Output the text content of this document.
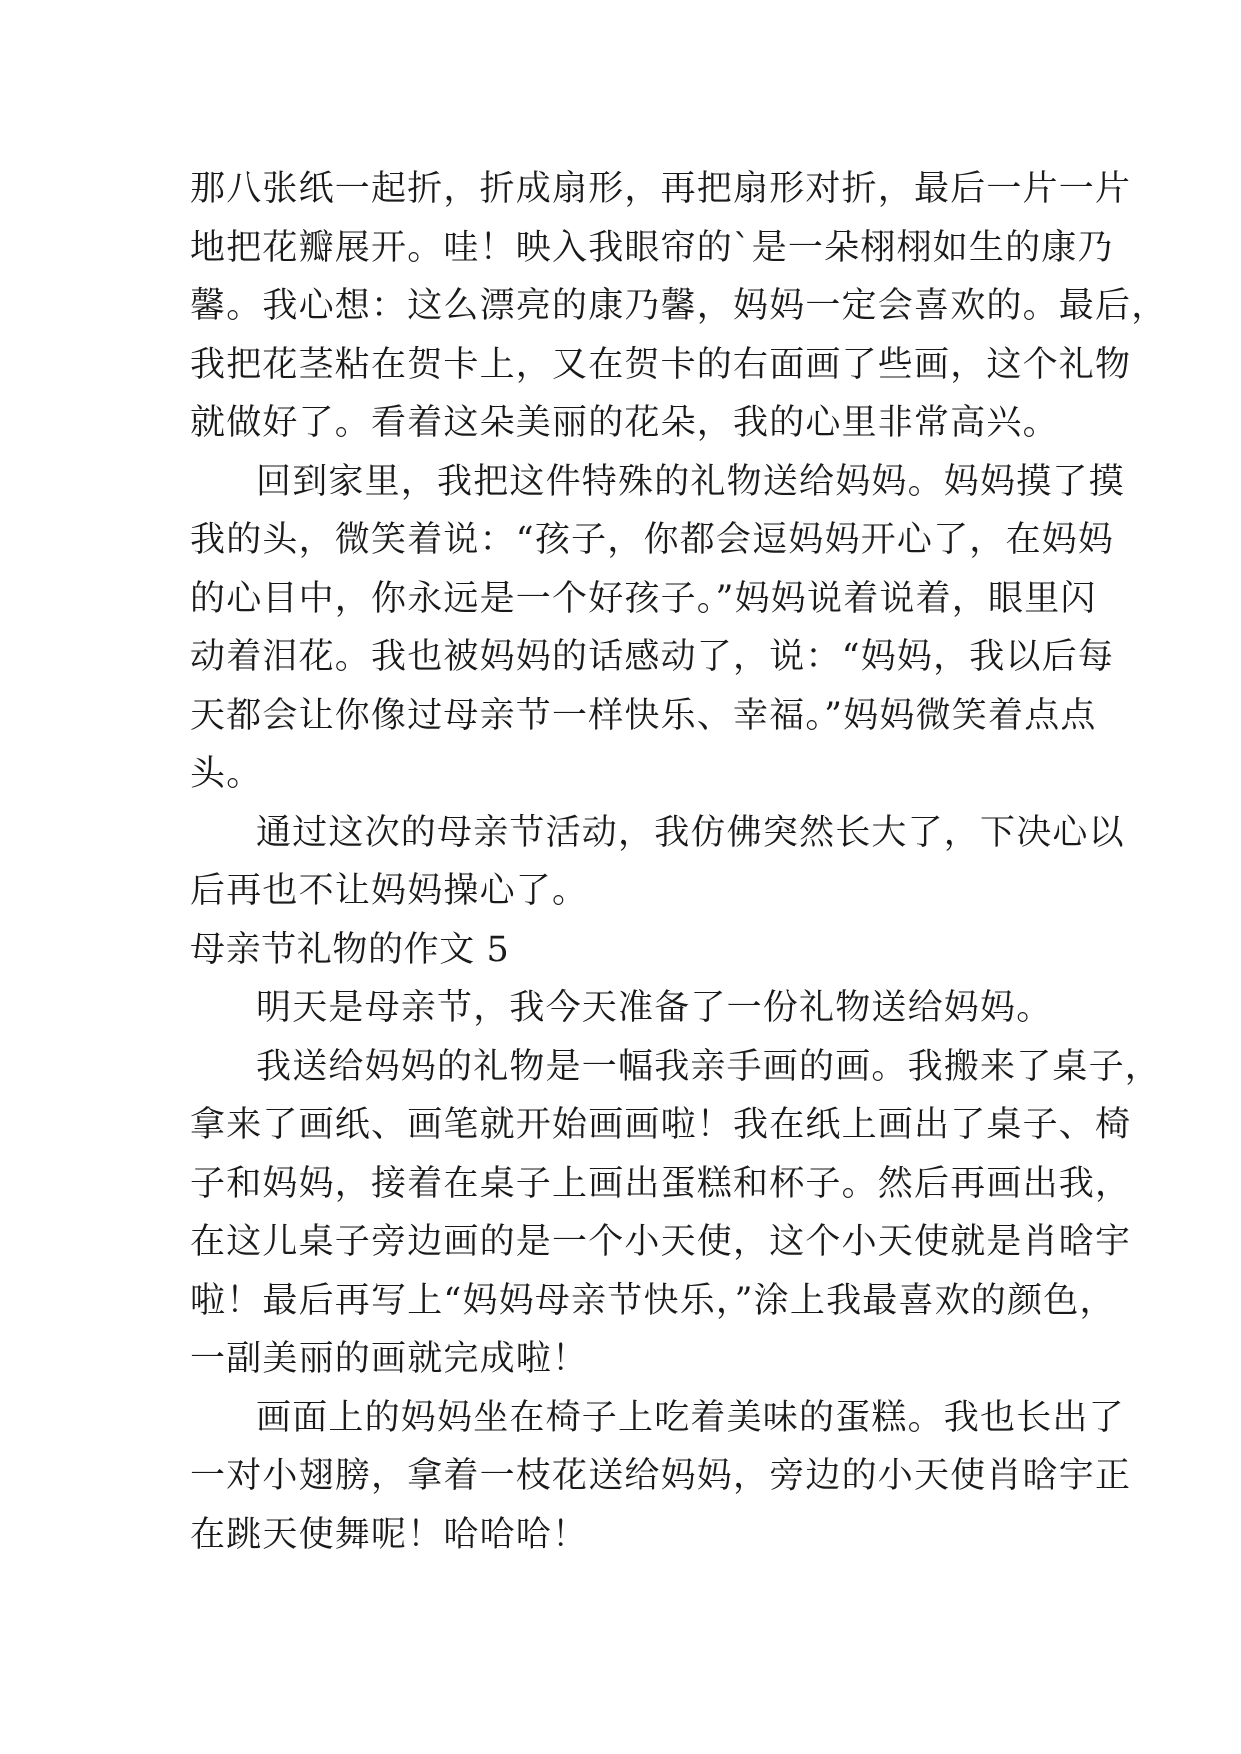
那八张纸一起折，折成扇形，再把扇形对折，最后一片一片
地把花瓣展开。哇！映入我眼帘的`是一朵栩栩如生的康乃
馨。我心想：这么漂亮的康乃馨，妈妈一定会喜欢的。最后，
我把花茎粘在贺卡上，又在贺卡的右面画了些画，这个礼物
就做好了。看着这朵美丽的花朵，我的心里非常高兴。
回到家里，我把这件特殊的礼物送给妈妈。妈妈摸了摸
我的头，微笑着说：“孩子，你都会逗妈妈开心了，在妈妈
的心目中，你永远是一个好孩子。”妈妈说着说着，眼里闪
动着泪花。我也被妈妈的话感动了，说：“妈妈，我以后每
天都会让你像过母亲节一样快乐、幸福。”妈妈微笑着点点
头。
通过这次的母亲节活动，我仿佛突然长大了，下决心以
后再也不让妈妈操心了。
母亲节礼物的作文 5
明天是母亲节，我今天准备了一份礼物送给妈妈。
我送给妈妈的礼物是一幅我亲手画的画。我搬来了桌子，
拿来了画纸、画笔就开始画画啦！我在纸上画出了桌子、椅
子和妈妈，接着在桌子上画出蛋糕和杯子。然后再画出我，
在这儿桌子旁边画的是一个小天使，这个小天使就是肖晗宇
啦！最后再写上“妈妈母亲节快乐，”涂上我最喜欢的颜色，
一副美丽的画就完成啦！
画面上的妈妈坐在椅子上吃着美味的蛋糕。我也长出了
一对小翅膀，拿着一枝花送给妈妈，旁边的小天使肖晗宇正
在跳天使舞呢！哈哈哈！
